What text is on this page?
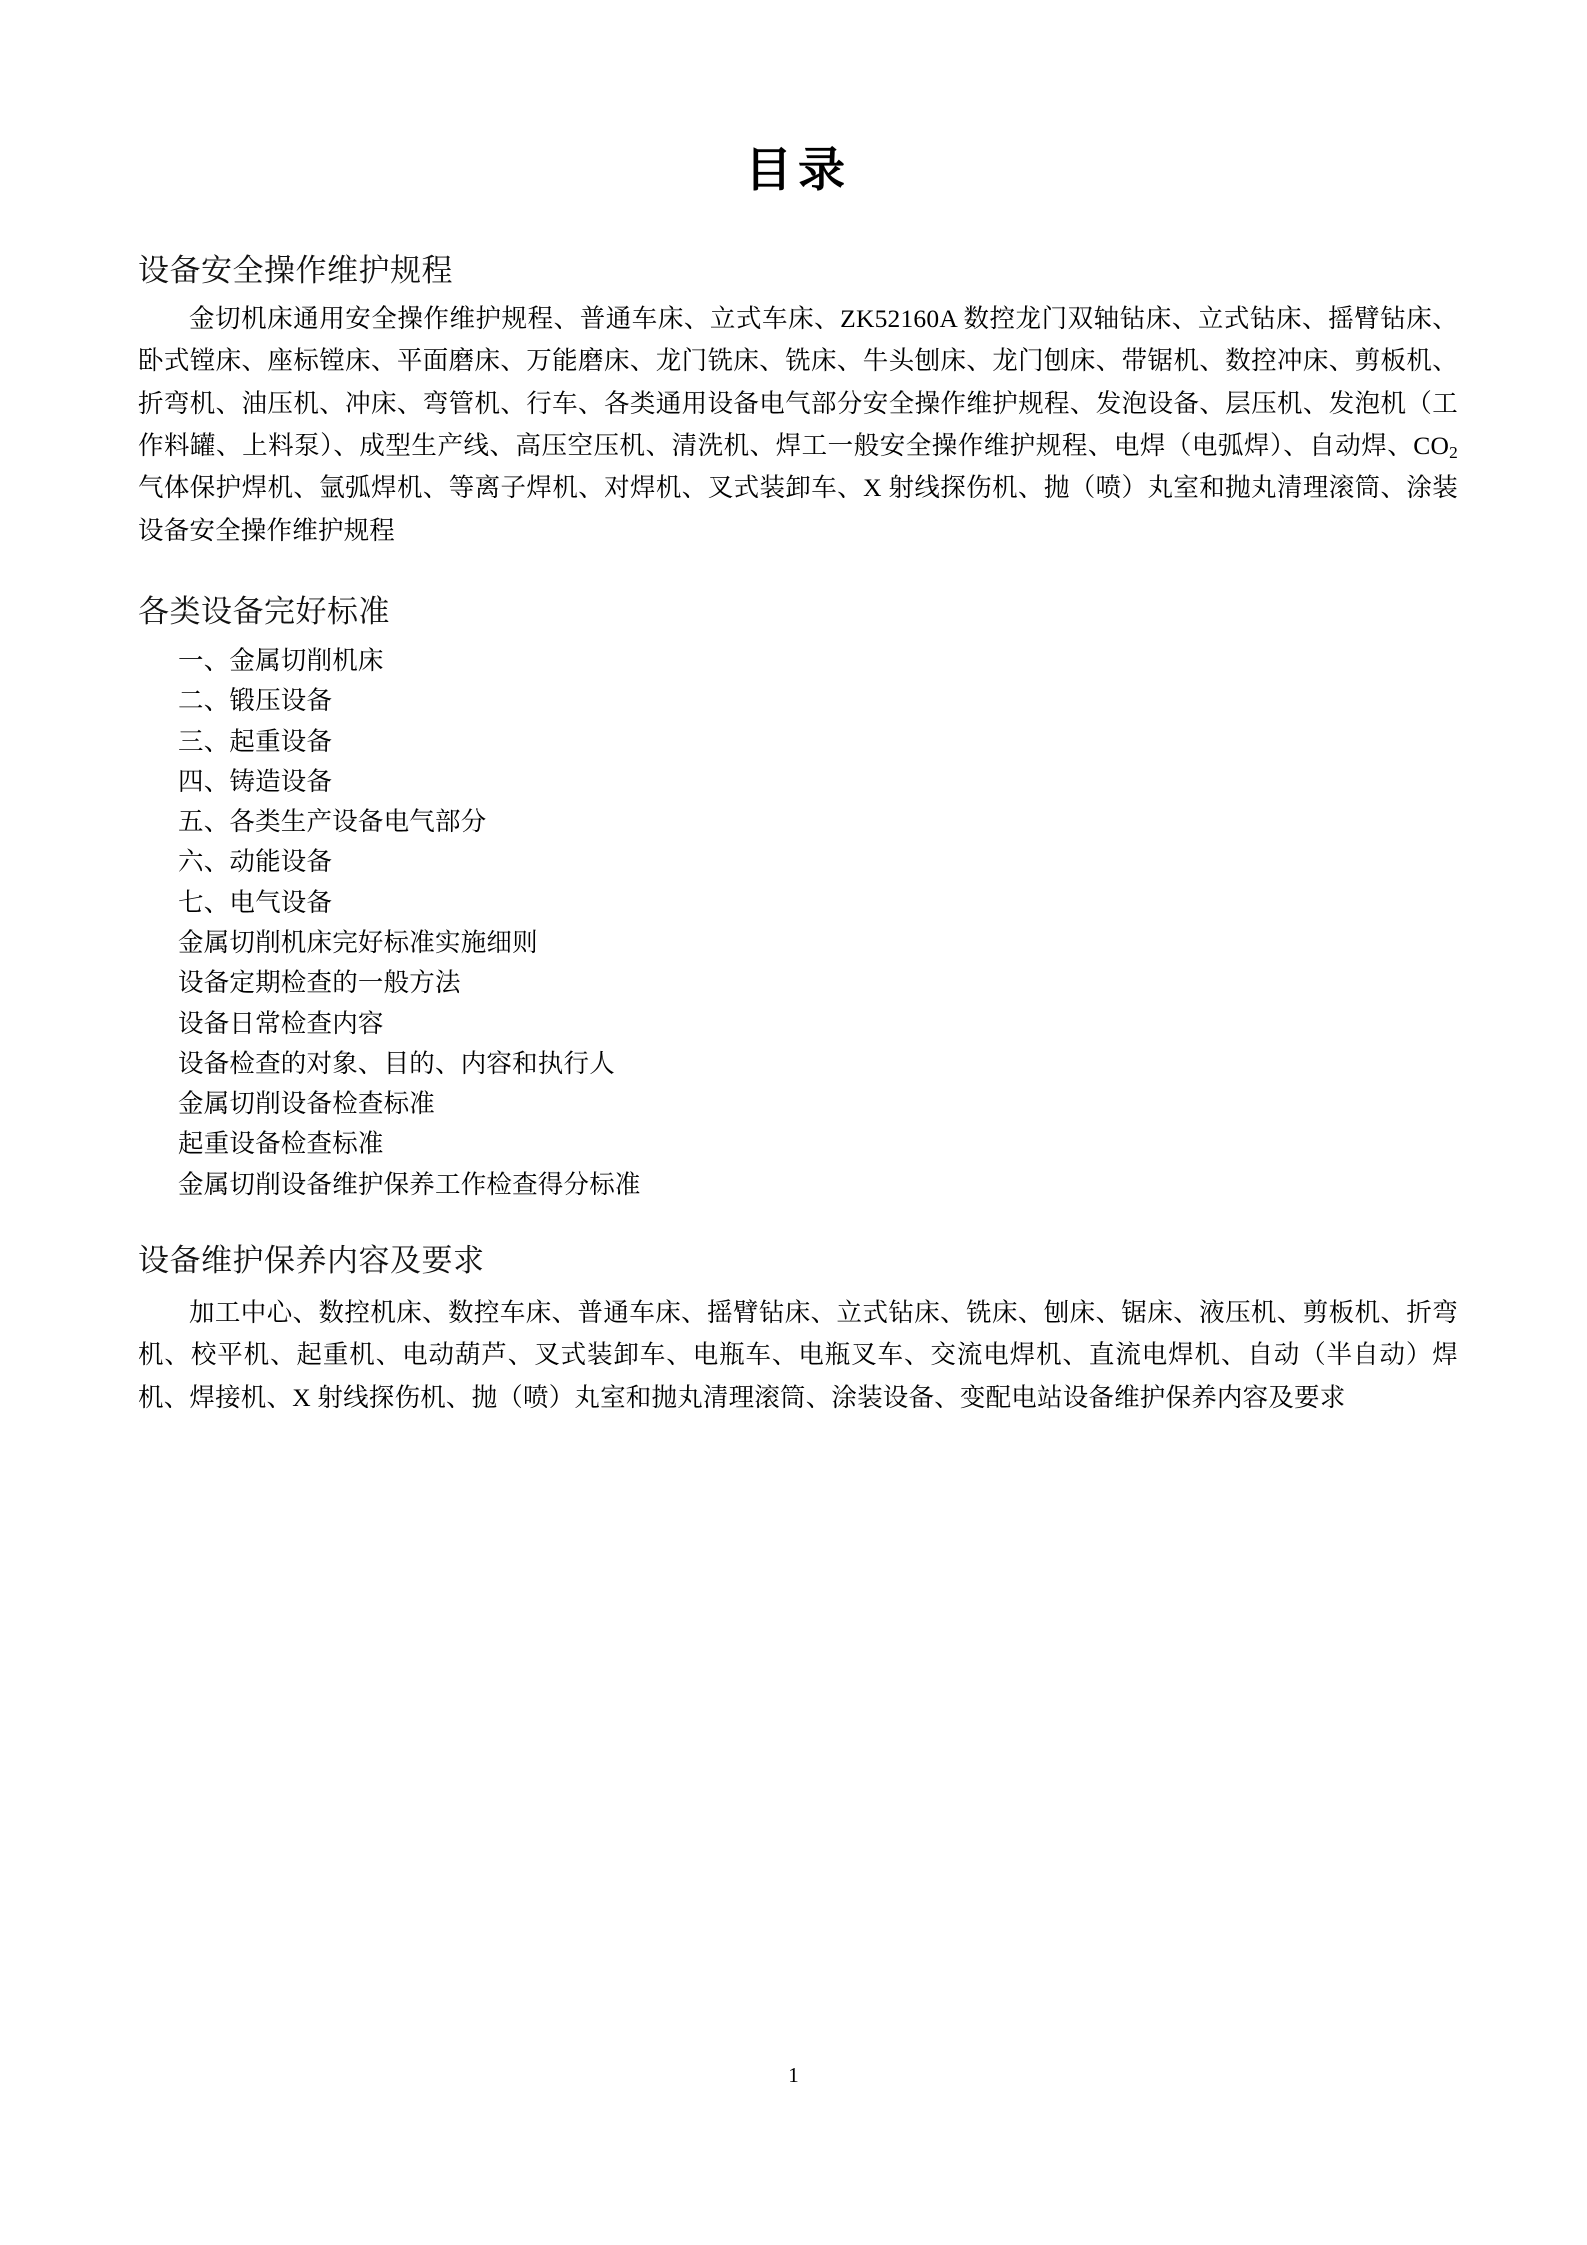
目录
设备安全操作维护规程

金切机床通用安全操作维护规程、普通车床、立式车床、ZK52160A 数控龙门双轴钻床、立式钻床、摇臂钻床、卧式镗床、座标镗床、平面磨床、万能磨床、龙门铣床、铣床、牛头刨床、龙门刨床、带锯机、数控冲床、剪板机、折弯机、油压机、冲床、弯管机、行车、各类通用设备电气部分安全操作维护规程、发泡设备、层压机、发泡机（工作料罐、上料泵）、成型生产线、高压空压机、清洗机、焊工一般安全操作维护规程、电焊（电弧焊）、自动焊、$CO_2$ 气体保护焊机、氩弧焊机、等离子焊机、对焊机、叉式装卸车、X 射线探伤机、抛（喷）丸室和抛丸清理滚筒、涂装设备安全操作维护规程

各类设备完好标准
一、金属切削机床
二、锻压设备
三、起重设备
四、铸造设备
五、各类生产设备电气部分
六、动能设备
七、电气设备
金属切削机床完好标准实施细则
设备定期检查的一般方法
设备日常检查内容
设备检查的对象、目的、内容和执行人
金属切削设备检查标准
起重设备检查标准
金属切削设备维护保养工作检查得分标准
设备维护保养内容及要求

加工中心、数控机床、数控车床、普通车床、摇臂钻床、立式钻床、铣床、刨床、锯床、液压机、剪板机、折弯机、校平机、起重机、电动葫芦、叉式装卸车、电瓶车、电瓶叉车、交流电焊机、直流电焊机、自动（半自动）焊机、焊接机、X 射线探伤机、抛（喷）丸室和抛丸清理滚筒、涂装设备、变配电站设备维护保养内容及要求

1
